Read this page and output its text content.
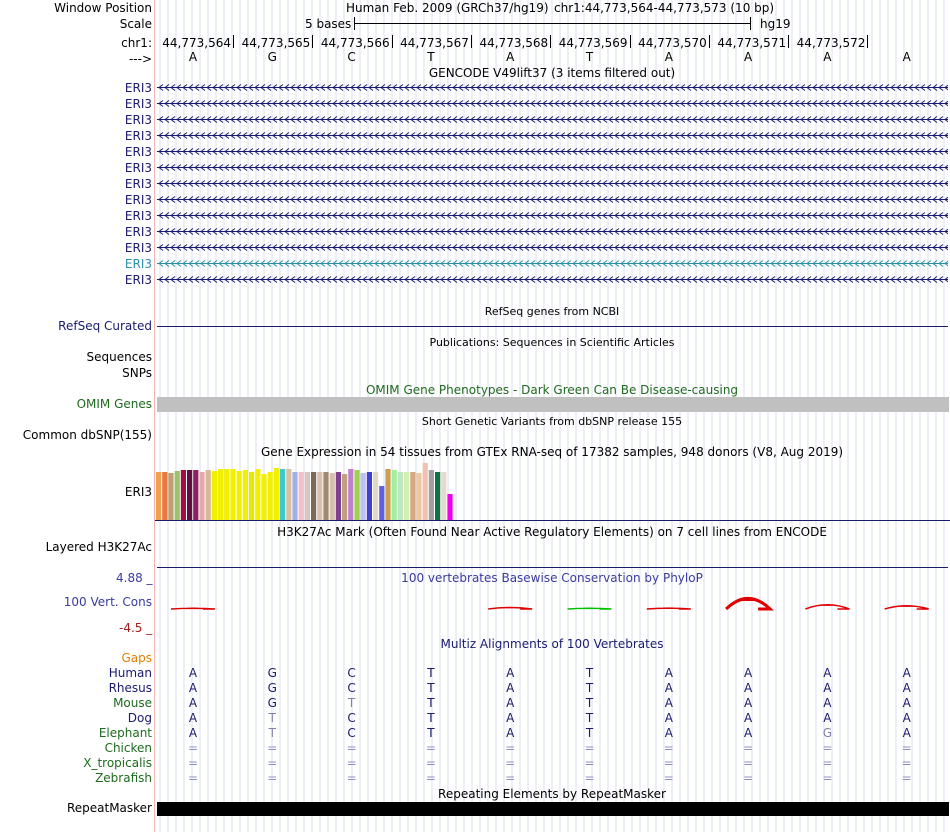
Window Position	Human Feb. 2009 (GRCh37/hg19) chr1:44,773,564-44,773,573 (10 bp)
Scale	5 bases	hg19
chr1: 44,773,564 44,773,565 44,773,566 44,773,567 44,773,568 44,773,569 44,773,570 44,773,571 44,773,572
--->	A	G	C	T	A	T	A	A	A	A
GENCODE V49lift37 (3 items filtered out)
ERI3
ERI3
ERI3
ERI3
ERI3
ERI3
ERI3
ERI3
ERI3
ERI3
ERI3
ERI3
ERI3
RefSeq genes from NCBI
RefSeq Curated
Publications: Sequences in Scientific Articles
Sequences
SNPs
OMIM Gene Phenotypes - Dark Green Can Be Disease-causing
OMIM Genes
Short Genetic Variants from dbSNP release 155
Common dbSNP(155)
Gene Expression in 54 tissues from GTEx RNA-seq of 17382 samples, 948 donors (V8, Aug 2019)
ERI3
H3K27Ac Mark (Often Found Near Active Regulatory Elements) on 7 cell lines from ENCODE
Layered H3K27Ac
100 vertebrates Basewise Conservation by PhyloP
4.88 _
100 Vert. Cons
-4.5 _
Multiz Alignments of 100 Vertebrates
Gaps
Human	A	G	C	T	A	T	A	A	A	A
Rhesus	A	G	C	T	A	T	A	A	A	A
Mouse	A	G	T	T	A	T	A	A	A	A
Dog	A	T	C	T	A	T	A	A	A	A
Elephant	A	T	C	T	A	T	A	A	G	A
Chicken	=	=	=	=	=	=	=	=	=	=
X_tropicalis	=	=	=	=	=	=	=	=	=	=
Zebrafish	=	=	=	=	=	=	=	=	=	=
Repeating Elements by RepeatMasker
RepeatMasker
